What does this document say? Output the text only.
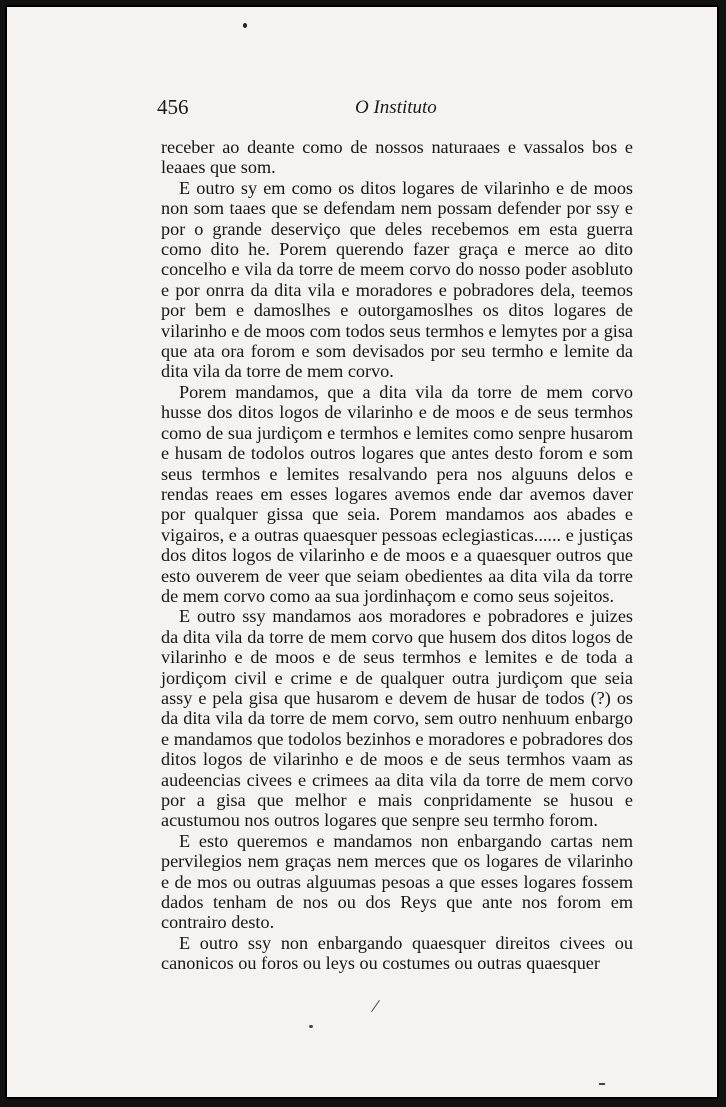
456	O Instituto

receber ao deante como de nossos naturaaes e vassalos bos e leaaes que som.

E outro sy em como os ditos logares de vilarinho e de moos non som taaes que se defendam nem possam defender por ssy e por o grande deserviço que deles recebemos em esta guerra como dito he. Porem querendo fazer graça e merce ao dito concelho e vila da torre de meem corvo do nosso poder asobluto e por onrra da dita vila e moradores e pobradores dela, teemos por bem e damoslhes e outorgamoslhes os ditos logares de vilarinho e de moos com todos seus termhos e lemytes por a gisa que ata ora forom e som devisados por seu termho e lemite da dita vila da torre de mem corvo.

Porem mandamos, que a dita vila da torre de mem corvo husse dos ditos logos de vilarinho e de moos e de seus termhos como de sua jurdiçom e termhos e lemites como senpre husarom e husam de todolos outros logares que antes desto forom e som seus termhos e lemites resalvando pera nos alguuns delos e rendas reaes em esses logares avemos ende dar avemos daver por qualquer gissa que seia. Porem mandamos aos abades e vigairos, e a outras quaesquer pessoas eclegiasticas...... e justiças dos ditos logos de vilarinho e de moos e a quaesquer outros que esto ouverem de veer que seiam obedientes aa dita vila da torre de mem corvo como aa sua jordinhaçom e como seus sojeitos.

E outro ssy mandamos aos moradores e pobradores e juizes da dita vila da torre de mem corvo que husem dos ditos logos de vilarinho e de moos e de seus termhos e lemites e de toda a jordiçom civil e crime e de qualquer outra jurdiçom que seia assy e pela gisa que husarom e devem de husar de todos (?) os da dita vila da torre de mem corvo, sem outro nenhuum enbargo e mandamos que todolos bezinhos e moradores e pobradores dos ditos logos de vilarinho e de moos e de seus termhos vaam as audeencias civees e crimees aa dita vila da torre de mem corvo por a gisa que melhor e mais conpridamente se husou e acustumou nos outros logares que senpre seu termho forom.

E esto queremos e mandamos non enbargando cartas nem pervilegios nem graças nem merces que os logares de vilarinho e de mos ou outras alguumas pesoas a que esses logares fossem dados tenham de nos ou dos Reys que ante nos forom em contrairo desto.

E outro ssy non enbargando quaesquer direitos civees ou canonicos ou foros ou leys ou costumes ou outras quaesquer
